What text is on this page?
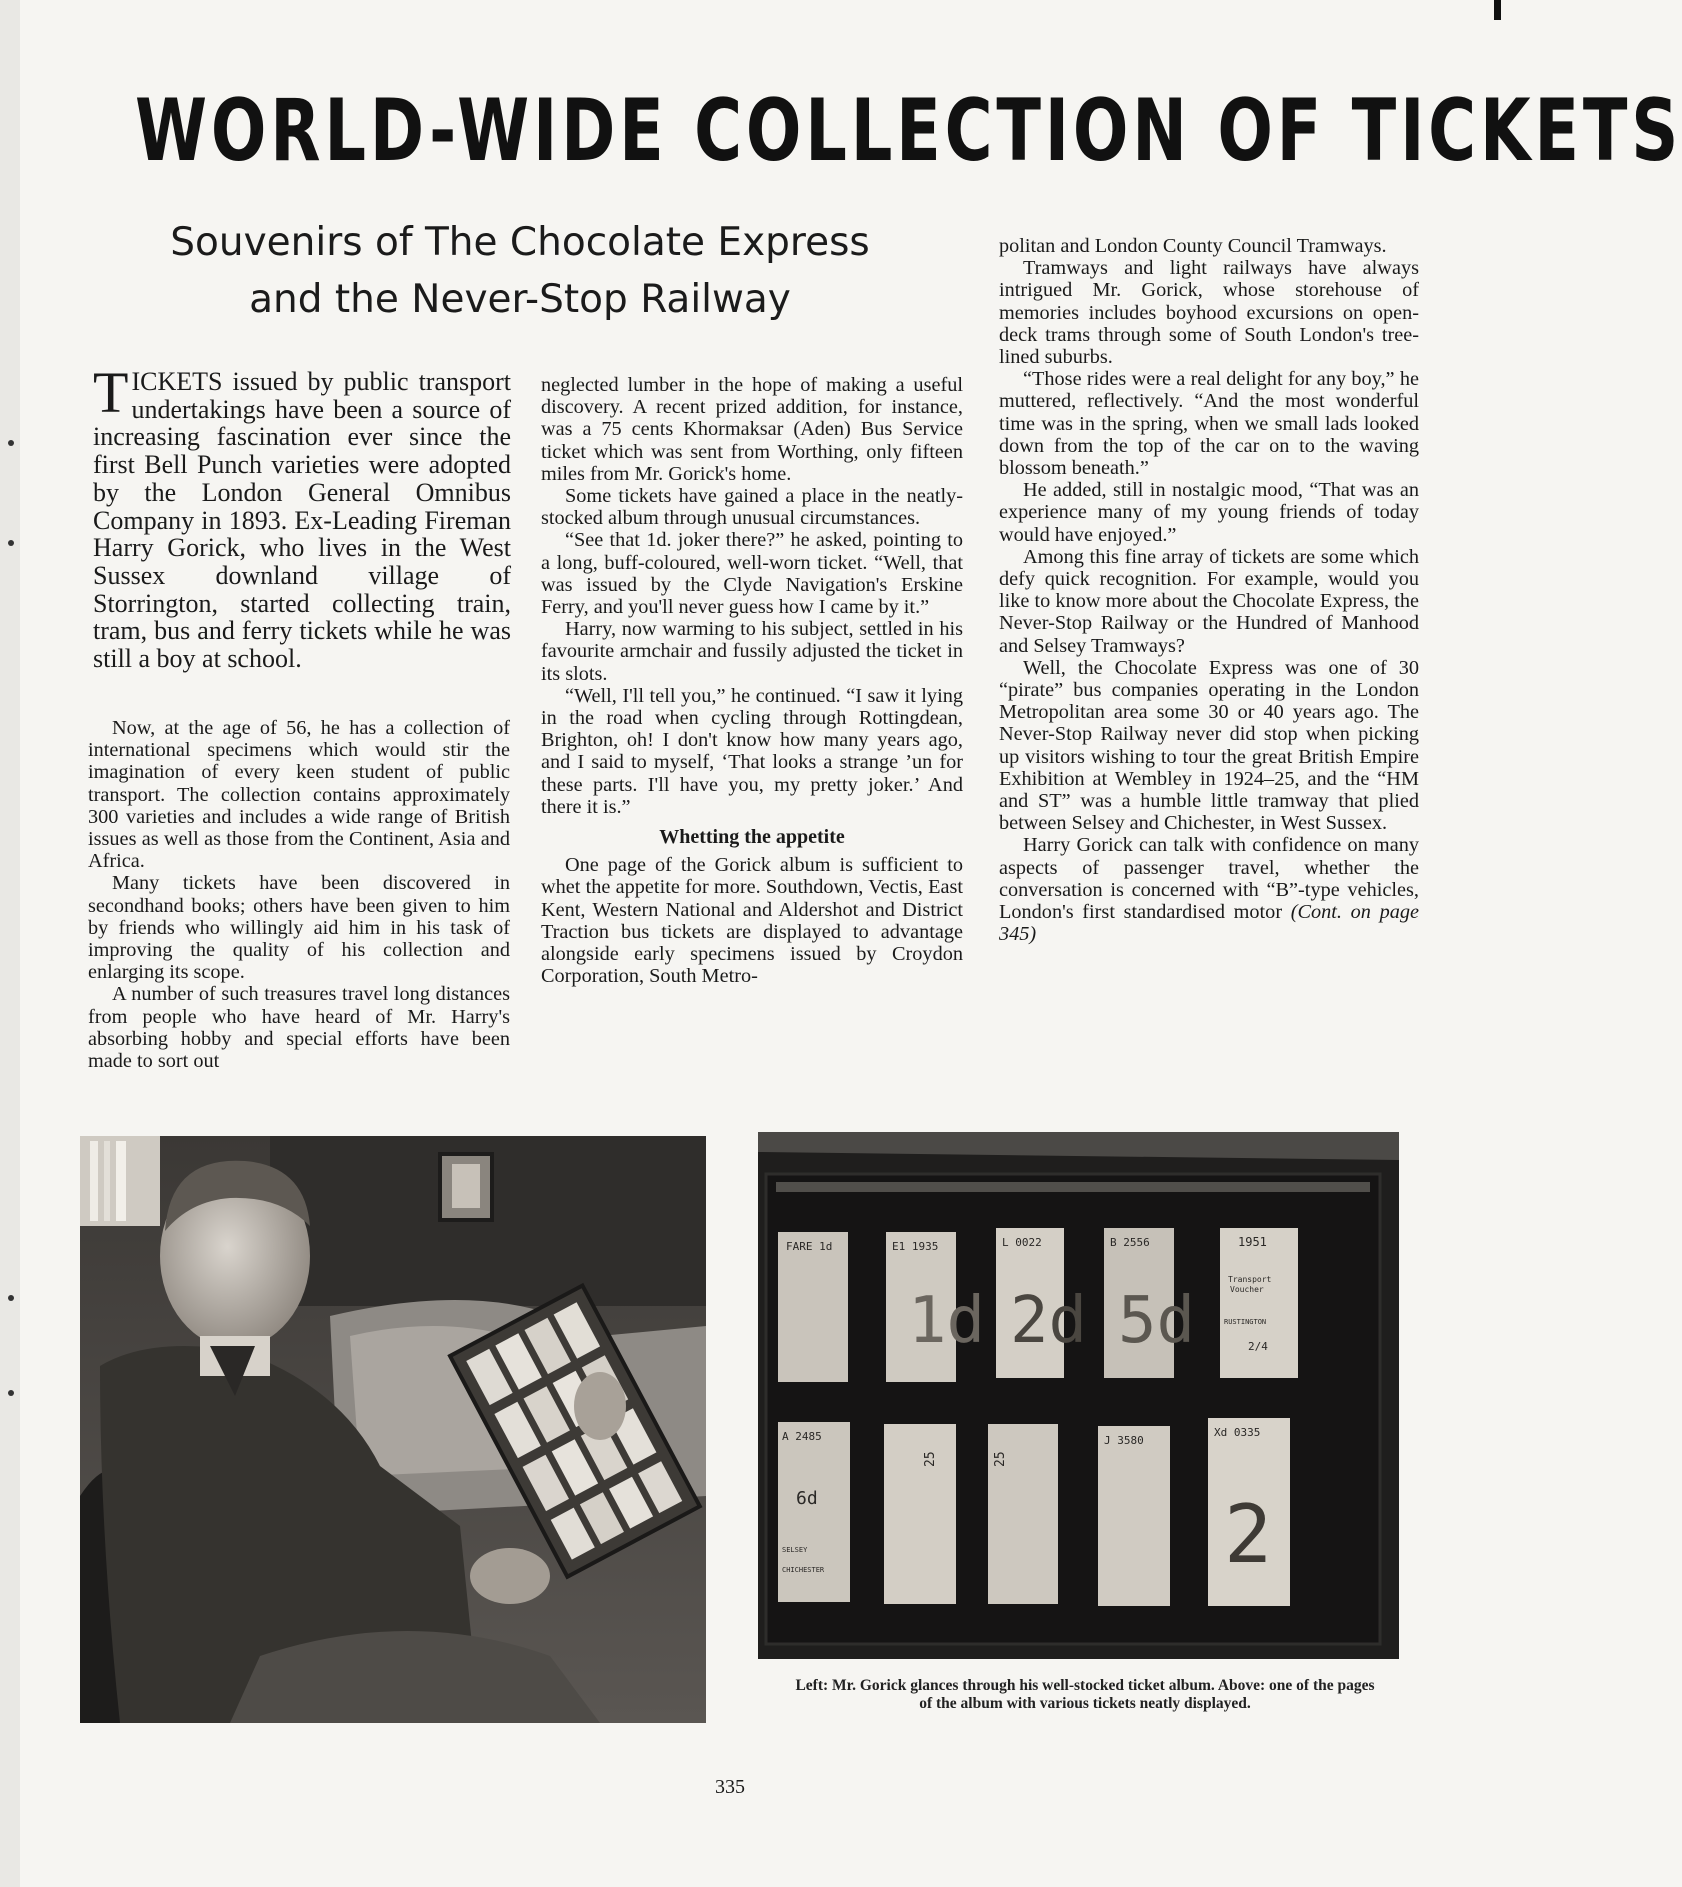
WORLD-WIDE COLLECTION OF TICKETS
Souvenirs of The Chocolate Express
and the Never-Stop Railway
TICKETS issued by public transport undertakings have been a source of increasing fascination ever since the first Bell Punch varieties were adopted by the London General Omnibus Company in 1893. Ex-Leading Fireman Harry Gorick, who lives in the West Sussex downland village of Storrington, started collecting train, tram, bus and ferry tickets while he was still a boy at school.

Now, at the age of 56, he has a collection of international specimens which would stir the imagination of every keen student of public transport. The collection contains approximately 300 varieties and includes a wide range of British issues as well as those from the Continent, Asia and Africa.

Many tickets have been discovered in secondhand books; others have been given to him by friends who willingly aid him in his task of improving the quality of his collection and enlarging its scope.

A number of such treasures travel long distances from people who have heard of Mr. Harry's absorbing hobby and special efforts have been made to sort out

neglected lumber in the hope of making a useful discovery. A recent prized addition, for instance, was a 75 cents Khormaksar (Aden) Bus Service ticket which was sent from Worthing, only fifteen miles from Mr. Gorick's home.

Some tickets have gained a place in the neatly-stocked album through unusual circumstances.

“See that 1d. joker there?” he asked, pointing to a long, buff-coloured, well-worn ticket. “Well, that was issued by the Clyde Navigation's Erskine Ferry, and you'll never guess how I came by it.”

Harry, now warming to his subject, settled in his favourite armchair and fussily adjusted the ticket in its slots.

“Well, I'll tell you,” he continued. “I saw it lying in the road when cycling through Rottingdean, Brighton, oh! I don't know how many years ago, and I said to myself, ‘That looks a strange ’un for these parts. I'll have you, my pretty joker.’ And there it is.”

Whetting the appetite

One page of the Gorick album is sufficient to whet the appetite for more. Southdown, Vectis, East Kent, Western National and Aldershot and District Traction bus tickets are displayed to advantage alongside early specimens issued by Croydon Corporation, South Metro-

politan and London County Council Tramways.

Tramways and light railways have always intrigued Mr. Gorick, whose storehouse of memories includes boyhood excursions on open-deck trams through some of South London's tree-lined suburbs.

“Those rides were a real delight for any boy,” he muttered, reflectively. “And the most wonderful time was in the spring, when we small lads looked down from the top of the car on to the waving blossom beneath.”

He added, still in nostalgic mood, “That was an experience many of my young friends of today would have enjoyed.”

Among this fine array of tickets are some which defy quick recognition. For example, would you like to know more about the Chocolate Express, the Never-Stop Railway or the Hundred of Manhood and Selsey Tramways?

Well, the Chocolate Express was one of 30 “pirate” bus companies operating in the London Metropolitan area some 30 or 40 years ago. The Never-Stop Railway never did stop when picking up visitors wishing to tour the great British Empire Exhibition at Wembley in 1924–25, and the “HM and ST” was a humble little tramway that plied between Selsey and Chichester, in West Sussex.

Harry Gorick can talk with confidence on many aspects of passenger travel, whether the conversation is concerned with “B”-type vehicles, London's first standardised motor (Cont. on page 345)

FARE 1d	E1 1935
1d
L 0022
2d
B 2556
5d
1951
Transport
Voucher
RUSTINGTON
2/4
A 2485
6d
SELSEY
CHICHESTER
25	25
J 3580
Xd 0335
2
Left: Mr. Gorick glances through his well-stocked ticket album. Above: one of the pages of the album with various tickets neatly displayed.
335
